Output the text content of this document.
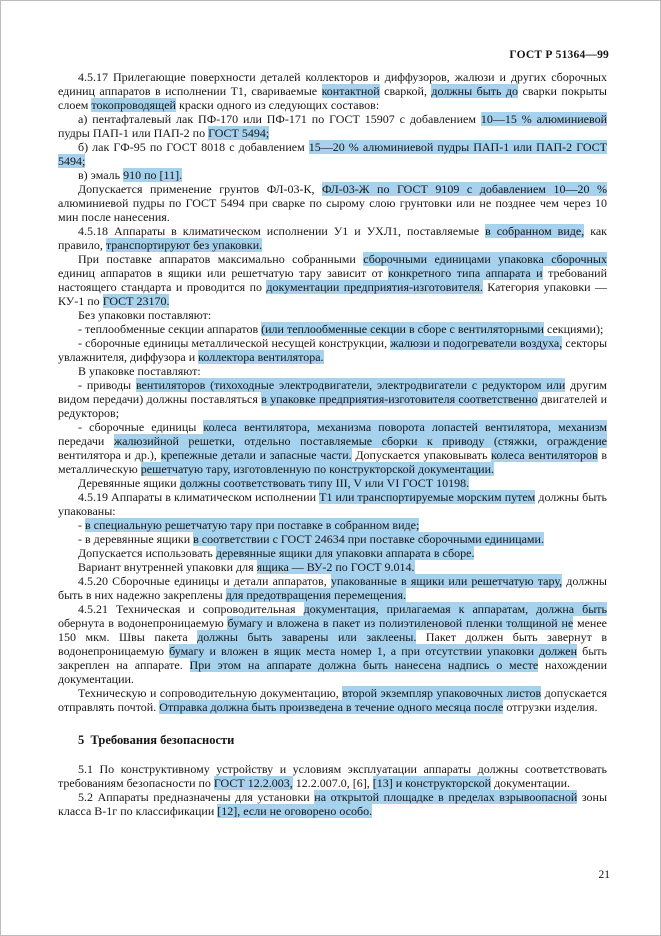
ГОСТ Р 51364—99

4.5.17 Прилегающие поверхности деталей коллекторов и диффузоров, жалюзи и других сборочных единиц аппаратов в исполнении Т1, свариваемые контактной сваркой, должны быть до сварки покрыты слоем токопроводящей краски одного из следующих составов:

а) пентафталевый лак ПФ-170 или ПФ-171 по ГОСТ 15907 с добавлением 10—15 % алюминиевой пудры ПАП-1 или ПАП-2 по ГОСТ 5494;

б) лак ГФ-95 по ГОСТ 8018 с добавлением 15—20 % алюминиевой пудры ПАП-1 или ПАП-2 ГОСТ 5494;

в) эмаль 910 по [11].

Допускается применение грунтов ФЛ-03-К, ФЛ-03-Ж по ГОСТ 9109 с добавлением 10—20 % алюминиевой пудры по ГОСТ 5494 при сварке по сырому слою грунтовки или не позднее чем через 10 мин после нанесения.

4.5.18 Аппараты в климатическом исполнении У1 и УХЛ1, поставляемые в собранном виде, как правило, транспортируют без упаковки.

При поставке аппаратов максимально собранными сборочными единицами упаковка сборочных единиц аппаратов в ящики или решетчатую тару зависит от конкретного типа аппарата и требований настоящего стандарта и проводится по документации предприятия-изготовителя. Категория упаковки — КУ-1 по ГОСТ 23170.

Без упаковки поставляют:

- теплообменные секции аппаратов (или теплообменные секции в сборе с вентиляторными секциями);

- сборочные единицы металлической несущей конструкции, жалюзи и подогреватели воздуха, секторы увлажнителя, диффузора и коллектора вентилятора.

В упаковке поставляют:

- приводы вентиляторов (тихоходные электродвигатели, электродвигатели с редуктором или другим видом передачи) должны поставляться в упаковке предприятия-изготовителя соответственно двигателей и редукторов;

- сборочные единицы колеса вентилятора, механизма поворота лопастей вентилятора, механизм передачи жалюзийной решетки, отдельно поставляемые сборки к приводу (стяжки, ограждение вентилятора и др.), крепежные детали и запасные части. Допускается упаковывать колеса вентиляторов в металлическую решетчатую тару, изготовленную по конструкторской документации.

Деревянные ящики должны соответствовать типу III, V или VI ГОСТ 10198.

4.5.19 Аппараты в климатическом исполнении Т1 или транспортируемые морским путем должны быть упакованы:

- в специальную решетчатую тару при поставке в собранном виде;

- в деревянные ящики в соответствии с ГОСТ 24634 при поставке сборочными единицами.

Допускается использовать деревянные ящики для упаковки аппарата в сборе.

Вариант внутренней упаковки для ящика — ВУ-2 по ГОСТ 9.014.

4.5.20 Сборочные единицы и детали аппаратов, упакованные в ящики или решетчатую тару, должны быть в них надежно закреплены для предотвращения перемещения.

4.5.21 Техническая и сопроводительная документация, прилагаемая к аппаратам, должна быть обернута в водонепроницаемую бумагу и вложена в пакет из полиэтиленовой пленки толщиной не менее 150 мкм. Швы пакета должны быть заварены или заклеены. Пакет должен быть завернут в водонепроницаемую бумагу и вложен в ящик места номер 1, а при отсутствии упаковки должен быть закреплен на аппарате. При этом на аппарате должна быть нанесена надпись о месте нахождении документации.

Техническую и сопроводительную документацию, второй экземпляр упаковочных листов допускается отправлять почтой. Отправка должна быть произведена в течение одного месяца после отгрузки изделия.

5  Требования безопасности

5.1 По конструктивному устройству и условиям эксплуатации аппараты должны соответствовать требованиям безопасности по ГОСТ 12.2.003, 12.2.007.0, [6], [13] и конструкторской документации.

5.2 Аппараты предназначены для установки на открытой площадке в пределах взрывоопасной зоны класса В-1г по классификации [12], если не оговорено особо.

21
